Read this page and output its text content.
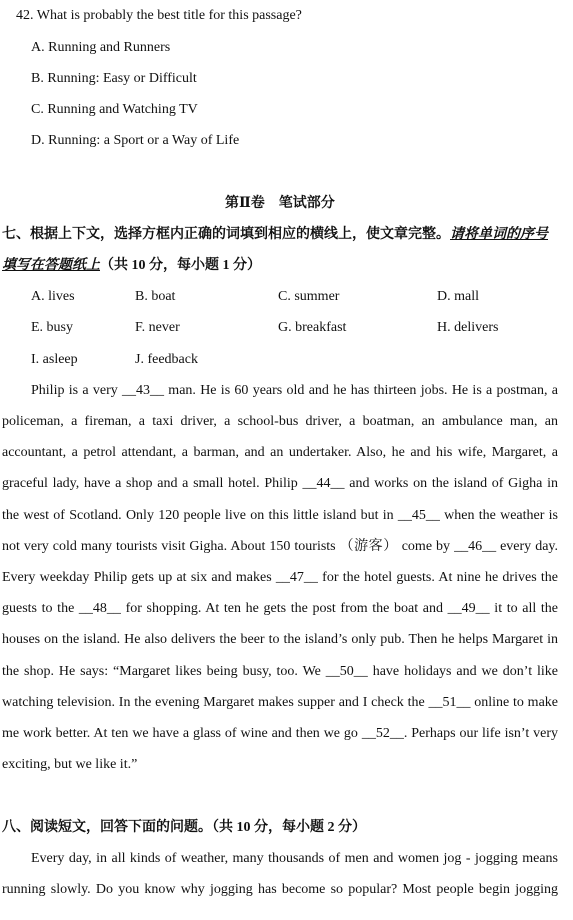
42. What is probably the best title for this passage?
A. Running and Runners
B. Running: Easy or Difficult
C. Running and Watching TV
D. Running: a Sport or a Way of Life
第Ⅱ卷　笔试部分
七、根据上下文，选择方框内正确的词填到相应的横线上，使文章完整。请将单词的序号
填写在答题纸上（共 10 分，每小题 1 分）
A. lives	B. boat	C. summer	D. mall
E. busy	F. never	G. breakfast	H. delivers
I. asleep	J. feedback
Philip is a very __43__ man. He is 60 years old and he has thirteen jobs. He is a postman, a
policeman, a fireman, a taxi driver, a school-bus driver, a boatman, an ambulance man, an
accountant, a petrol attendant, a barman, and an undertaker. Also, he and his wife, Margaret, a
graceful lady, have a shop and a small hotel. Philip __44__ and works on the island of Gigha in
the west of Scotland. Only 120 people live on this little island but in __45__ when the weather is
not very cold many tourists visit Gigha. About 150 tourists （游客） come by __46__ every day.
Every weekday Philip gets up at six and makes __47__ for the hotel guests. At nine he drives the
guests to the __48__ for shopping. At ten he gets the post from the boat and __49__ it to all the
houses on the island. He also delivers the beer to the island’s only pub. Then he helps Margaret in
the shop. He says: “Margaret likes being busy, too. We __50__ have holidays and we don’t like
watching television. In the evening Margaret makes supper and I check the __51__ online to make
me work better. At ten we have a glass of wine and then we go __52__. Perhaps our life isn’t very
exciting, but we like it.”
八、阅读短文，回答下面的问题。（共 10 分，每小题 2 分）
Every day, in all kinds of weather, many thousands of men and women jog - jogging means
running slowly. Do you know why jogging has become so popular? Most people begin jogging
